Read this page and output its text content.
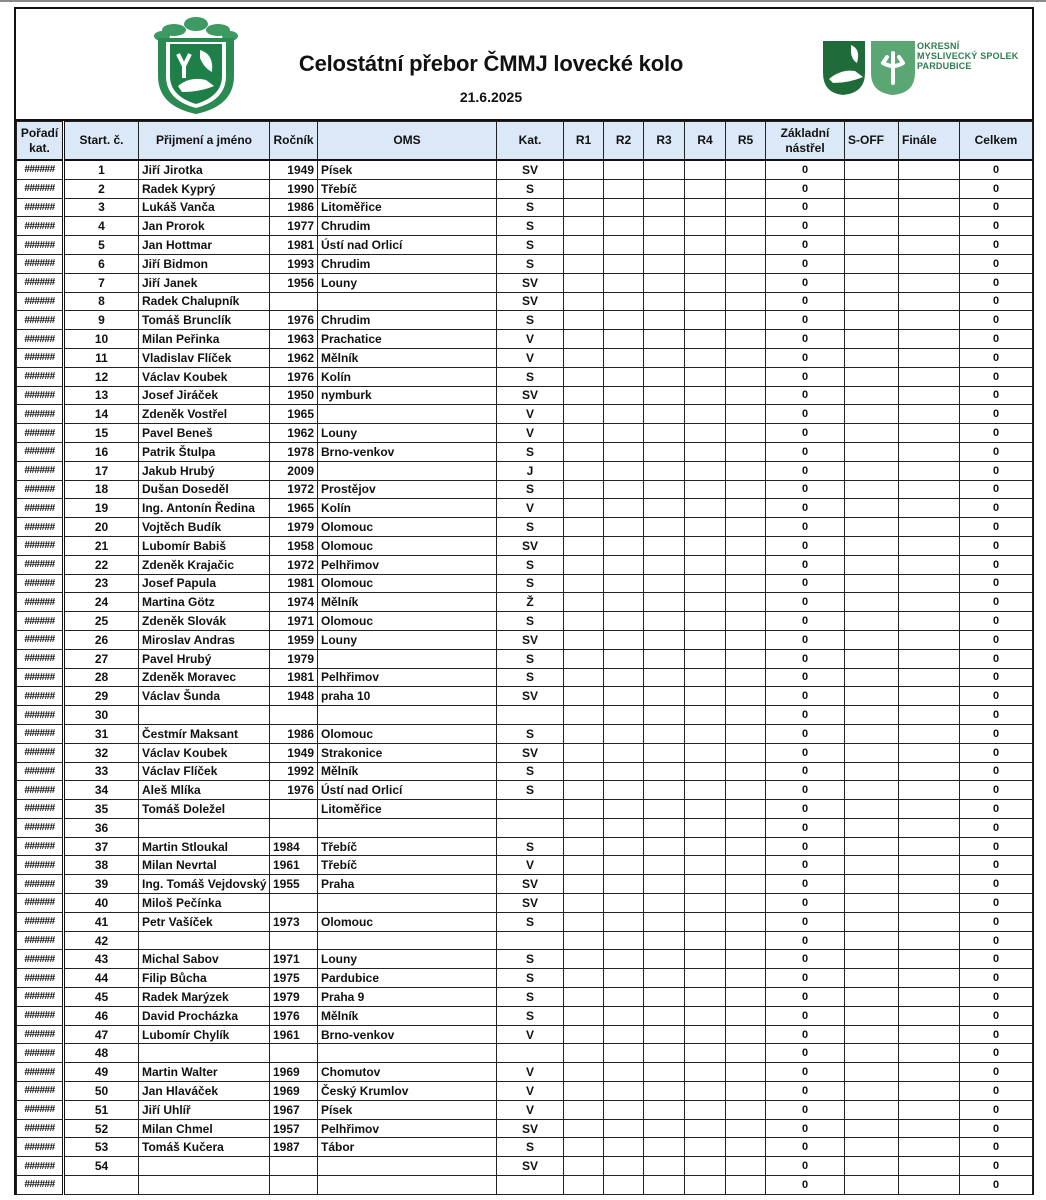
Celostátní přebor ČMMJ lovecké kolo
21.6.2025
OKRESNÍ
MYSLIVECKÝ SPOLEK
PARDUBICE
Pořadí kat.	Start. č.	Přijmení a jméno	Ročník	OMS	Kat.	R1	R2	R3	R4	R5	Základní nástřel	S-OFF	Finále	Celkem
######	1	Jiří Jirotka	1949	Písek	SV						0			0
######	2	Radek Kyprý	1990	Třebíč	S						0			0
######	3	Lukáš Vanča	1986	Litoměřice	S						0			0
######	4	Jan Prorok	1977	Chrudim	S						0			0
######	5	Jan Hottmar	1981	Ústí nad Orlicí	S						0			0
######	6	Jiří Bidmon	1993	Chrudim	S						0			0
######	7	Jiří Janek	1956	Louny	SV						0			0
######	8	Radek Chalupník			SV						0			0
######	9	Tomáš Brunclík	1976	Chrudim	S						0			0
######	10	Milan Peřinka	1963	Prachatice	V						0			0
######	11	Vladislav Flíček	1962	Mělník	V						0			0
######	12	Václav Koubek	1976	Kolín	S						0			0
######	13	Josef Jiráček	1950	nymburk	SV						0			0
######	14	Zdeněk Vostřel	1965		V						0			0
######	15	Pavel Beneš	1962	Louny	V						0			0
######	16	Patrik Štulpa	1978	Brno-venkov	S						0			0
######	17	Jakub Hrubý	2009		J						0			0
######	18	Dušan Doseděl	1972	Prostějov	S						0			0
######	19	Ing. Antonín Ředina	1965	Kolín	V						0			0
######	20	Vojtěch Budík	1979	Olomouc	S						0			0
######	21	Lubomír Babiš	1958	Olomouc	SV						0			0
######	22	Zdeněk Krajačic	1972	Pelhřimov	S						0			0
######	23	Josef Papula	1981	Olomouc	S						0			0
######	24	Martina Götz	1974	Mělník	Ž						0			0
######	25	Zdeněk Slovák	1971	Olomouc	S						0			0
######	26	Miroslav Andras	1959	Louny	SV						0			0
######	27	Pavel Hrubý	1979		S						0			0
######	28	Zdeněk Moravec	1981	Pelhřimov	S						0			0
######	29	Václav Šunda	1948	praha 10	SV						0			0
######	30										0			0
######	31	Čestmír Maksant	1986	Olomouc	S						0			0
######	32	Václav Koubek	1949	Strakonice	SV						0			0
######	33	Václav Flíček	1992	Mělník	S						0			0
######	34	Aleš Mlíka	1976	Ústí nad Orlicí	S						0			0
######	35	Tomáš Doležel		Litoměřice							0			0
######	36										0			0
######	37	Martin Stloukal	1984	Třebíč	S						0			0
######	38	Milan Nevrtal	1961	Třebíč	V						0			0
######	39	Ing. Tomáš Vejdovský	1955	Praha	SV						0			0
######	40	Miloš Pečínka			SV						0			0
######	41	Petr Vašíček	1973	Olomouc	S						0			0
######	42										0			0
######	43	Michal Sabov	1971	Louny	S						0			0
######	44	Filip Bůcha	1975	Pardubice	S						0			0
######	45	Radek Marýzek	1979	Praha 9	S						0			0
######	46	David Procházka	1976	Mělník	S						0			0
######	47	Lubomír Chylík	1961	Brno-venkov	V						0			0
######	48										0			0
######	49	Martin Walter	1969	Chomutov	V						0			0
######	50	Jan Hlaváček	1969	Český Krumlov	V						0			0
######	51	Jiří Uhlíř	1967	Písek	V						0			0
######	52	Milan Chmel	1957	Pelhřimov	SV						0			0
######	53	Tomáš Kučera	1987	Tábor	S						0			0
######	54				SV						0			0
######											0			0
